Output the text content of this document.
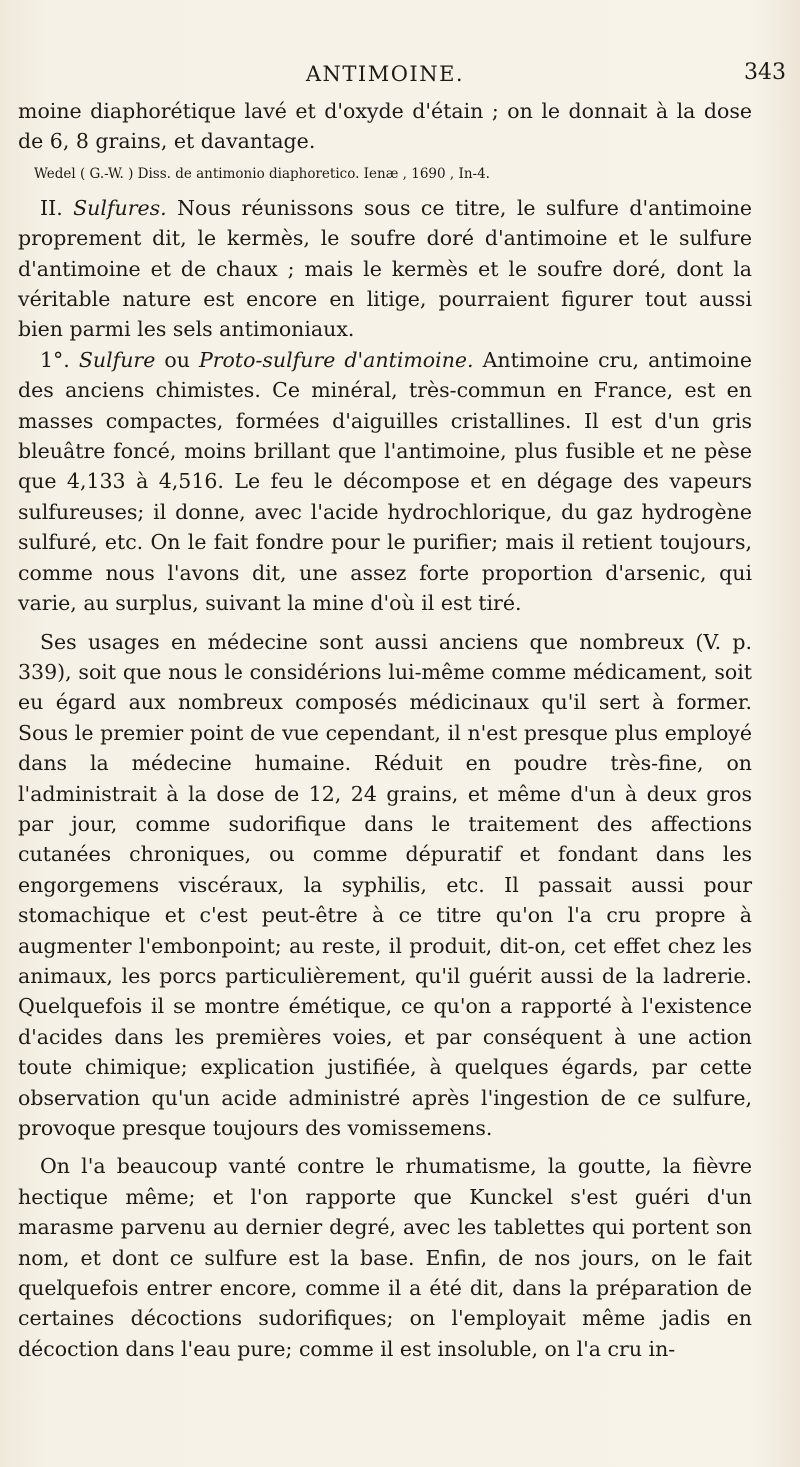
ANTIMOINE.	343

moine diaphorétique lavé et d'oxyde d'étain ; on le donnait à la dose de 6, 8 grains, et davantage.

Wedel ( G.-W. ) Diss. de antimonio diaphoretico. Ienæ , 1690 , In-4.

II. Sulfures. Nous réunissons sous ce titre, le sulfure d'antimoine proprement dit, le kermès, le soufre doré d'antimoine et le sulfure d'antimoine et de chaux ; mais le kermès et le soufre doré, dont la véritable nature est encore en litige, pourraient figurer tout aussi bien parmi les sels antimoniaux.

1°. Sulfure ou Proto-sulfure d'antimoine. Antimoine cru, antimoine des anciens chimistes. Ce minéral, très-commun en France, est en masses compactes, formées d'aiguilles cristallines. Il est d'un gris bleuâtre foncé, moins brillant que l'antimoine, plus fusible et ne pèse que 4,133 à 4,516. Le feu le décompose et en dégage des vapeurs sulfureuses; il donne, avec l'acide hydrochlorique, du gaz hydrogène sulfuré, etc. On le fait fondre pour le purifier; mais il retient toujours, comme nous l'avons dit, une assez forte proportion d'arsenic, qui varie, au surplus, suivant la mine d'où il est tiré.

Ses usages en médecine sont aussi anciens que nombreux (V. p. 339), soit que nous le considérions lui-même comme médicament, soit eu égard aux nombreux composés médicinaux qu'il sert à former. Sous le premier point de vue cependant, il n'est presque plus employé dans la médecine humaine. Réduit en poudre très-fine, on l'administrait à la dose de 12, 24 grains, et même d'un à deux gros par jour, comme sudorifique dans le traitement des affections cutanées chroniques, ou comme dépuratif et fondant dans les engorgemens viscéraux, la syphilis, etc. Il passait aussi pour stomachique et c'est peut-être à ce titre qu'on l'a cru propre à augmenter l'embonpoint; au reste, il produit, dit-on, cet effet chez les animaux, les porcs particulièrement, qu'il guérit aussi de la ladrerie. Quelquefois il se montre émétique, ce qu'on a rapporté à l'existence d'acides dans les premières voies, et par conséquent à une action toute chimique; explication justifiée, à quelques égards, par cette observation qu'un acide administré après l'ingestion de ce sulfure, provoque presque toujours des vomissemens.

On l'a beaucoup vanté contre le rhumatisme, la goutte, la fièvre hectique même; et l'on rapporte que Kunckel s'est guéri d'un marasme parvenu au dernier degré, avec les tablettes qui portent son nom, et dont ce sulfure est la base. Enfin, de nos jours, on le fait quelquefois entrer encore, comme il a été dit, dans la préparation de certaines décoctions sudorifiques; on l'employait même jadis en décoction dans l'eau pure; comme il est insoluble, on l'a cru in-
